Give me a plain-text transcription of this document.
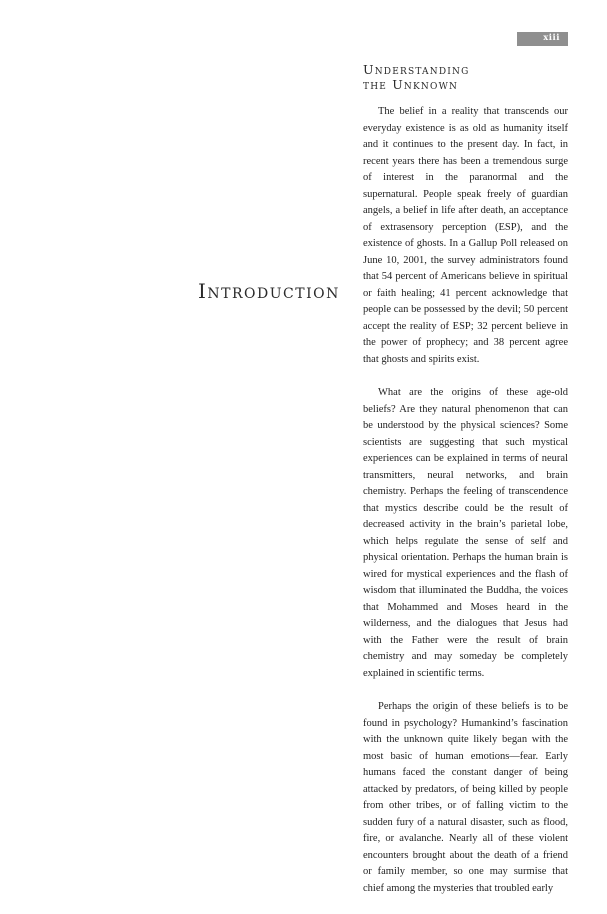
xiii
Introduction
Understanding
the Unknown

The belief in a reality that transcends our everyday existence is as old as humanity itself and it continues to the present day. In fact, in recent years there has been a tremendous surge of interest in the paranormal and the supernatural. People speak freely of guardian angels, a belief in life after death, an acceptance of extrasensory perception (ESP), and the existence of ghosts. In a Gallup Poll released on June 10, 2001, the survey administrators found that 54 percent of Americans believe in spiritual or faith healing; 41 percent acknowledge that people can be possessed by the devil; 50 percent accept the reality of ESP; 32 percent believe in the power of prophecy; and 38 percent agree that ghosts and spirits exist.

What are the origins of these age-old beliefs? Are they natural phenomenon that can be understood by the physical sciences? Some scientists are suggesting that such mystical experiences can be explained in terms of neural transmitters, neural networks, and brain chemistry. Perhaps the feeling of transcendence that mystics describe could be the result of decreased activity in the brain’s parietal lobe, which helps regulate the sense of self and physical orientation. Perhaps the human brain is wired for mystical experiences and the flash of wisdom that illuminated the Buddha, the voices that Mohammed and Moses heard in the wilderness, and the dialogues that Jesus had with the Father were the result of brain chemistry and may someday be completely explained in scientific terms.

Perhaps the origin of these beliefs is to be found in psychology? Humankind’s fascination with the unknown quite likely began with the most basic of human emotions—fear. Early humans faced the constant danger of being attacked by predators, of being killed by people from other tribes, or of falling victim to the sudden fury of a natural disaster, such as flood, fire, or avalanche. Nearly all of these violent encounters brought about the death of a friend or family member, so one may surmise that chief among the mysteries that troubled early
